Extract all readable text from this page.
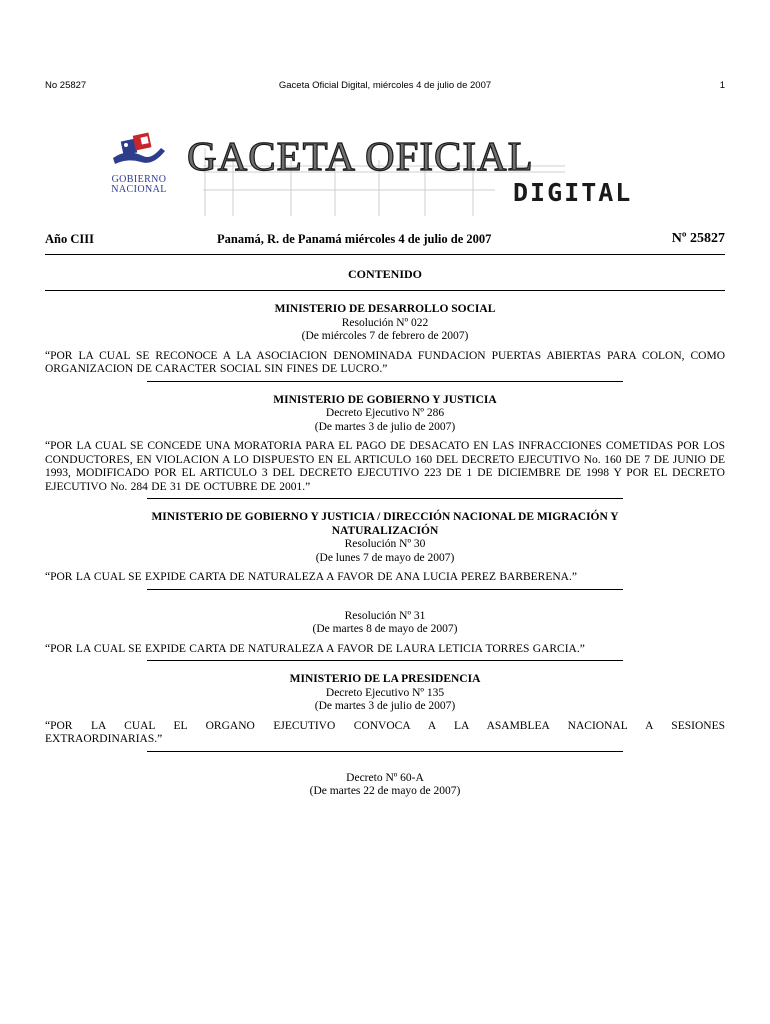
No 25827	Gaceta Oficial Digital, miércoles 4 de julio de 2007	1
GOBIERNO
NACIONAL
GACETA OFICIAL
DIGITAL
Año CIII	Panamá, R. de Panamá miércoles 4 de julio de 2007	Nº 25827
CONTENIDO
MINISTERIO DE DESARROLLO SOCIAL
Resolución Nº 022
(De miércoles 7 de febrero de 2007)
“POR LA CUAL SE RECONOCE A LA ASOCIACION DENOMINADA FUNDACION PUERTAS ABIERTAS PARA COLON, COMO ORGANIZACION DE CARACTER SOCIAL SIN FINES DE LUCRO.”
MINISTERIO DE GOBIERNO Y JUSTICIA
Decreto Ejecutivo Nº 286
(De martes 3 de julio de 2007)
“POR LA CUAL SE CONCEDE UNA MORATORIA PARA EL PAGO DE DESACATO EN LAS INFRACCIONES COMETIDAS POR LOS CONDUCTORES, EN VIOLACION A LO DISPUESTO EN EL ARTICULO 160 DEL DECRETO EJECUTIVO No. 160 DE 7 DE JUNIO DE 1993, MODIFICADO POR EL ARTICULO 3 DEL DECRETO EJECUTIVO 223 DE 1 DE DICIEMBRE DE 1998 Y POR EL DECRETO EJECUTIVO No. 284 DE 31 DE OCTUBRE DE 2001.”
MINISTERIO DE GOBIERNO Y JUSTICIA / DIRECCIÓN NACIONAL DE MIGRACIÓN Y NATURALIZACIÓN
Resolución Nº 30
(De lunes 7 de mayo de 2007)
“POR LA CUAL SE EXPIDE CARTA DE NATURALEZA A FAVOR DE ANA LUCIA PEREZ BARBERENA.”
Resolución Nº 31
(De martes 8 de mayo de 2007)
“POR LA CUAL SE EXPIDE CARTA DE NATURALEZA A FAVOR DE LAURA LETICIA TORRES GARCIA.”
MINISTERIO DE LA PRESIDENCIA
Decreto Ejecutivo Nº 135
(De martes 3 de julio de 2007)
“POR LA CUAL EL ORGANO EJECUTIVO CONVOCA A LA ASAMBLEA NACIONAL A SESIONES EXTRAORDINARIAS.”
Decreto Nº 60-A
(De martes 22 de mayo de 2007)
